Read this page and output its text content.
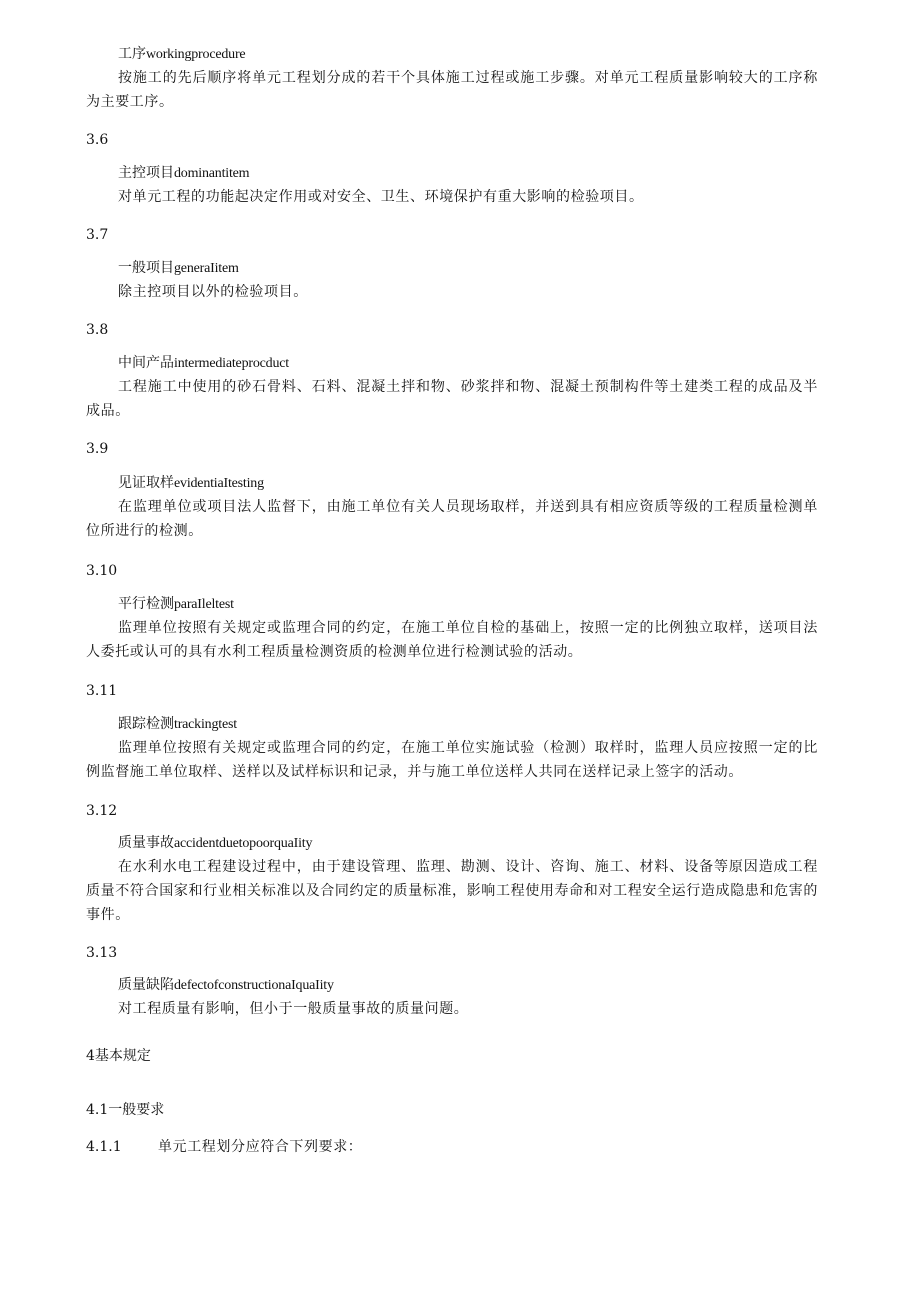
工序workingprocedure
按施工的先后顺序将单元工程划分成的若干个具体施工过程或施工步骤。对单元工程质量影响较大的工序称为主要工序。
3.6
主控项目dominantitem
对单元工程的功能起决定作用或对安全、卫生、环境保护有重大影响的检验项目。
3.7
一般项目generaIitem
除主控项目以外的检验项目。
3.8
中间产品intermediateprocduct
工程施工中使用的砂石骨料、石料、混凝土拌和物、砂浆拌和物、混凝土预制构件等土建类工程的成品及半成品。
3.9
见证取样evidentiaItesting
在监理单位或项目法人监督下，由施工单位有关人员现场取样，并送到具有相应资质等级的工程质量检测单位所进行的检测。
3.10
平行检测paraIleltest
监理单位按照有关规定或监理合同的约定，在施工单位自检的基础上，按照一定的比例独立取样，送项目法人委托或认可的具有水利工程质量检测资质的检测单位进行检测试验的活动。
3.11
跟踪检测trackingtest
监理单位按照有关规定或监理合同的约定，在施工单位实施试验（检测）取样时，监理人员应按照一定的比例监督施工单位取样、送样以及试样标识和记录，并与施工单位送样人共同在送样记录上签字的活动。
3.12
质量事故accidentduetopoorquaIity
在水利水电工程建设过程中，由于建设管理、监理、勘测、设计、咨询、施工、材料、设备等原因造成工程质量不符合国家和行业相关标准以及合同约定的质量标准，影响工程使用寿命和对工程安全运行造成隐患和危害的事件。
3.13
质量缺陷defectofconstructionaIquaIity
对工程质量有影响，但小于一般质量事故的质量问题。
4基本规定
4.1一般要求
4.1.1	单元工程划分应符合下列要求：
